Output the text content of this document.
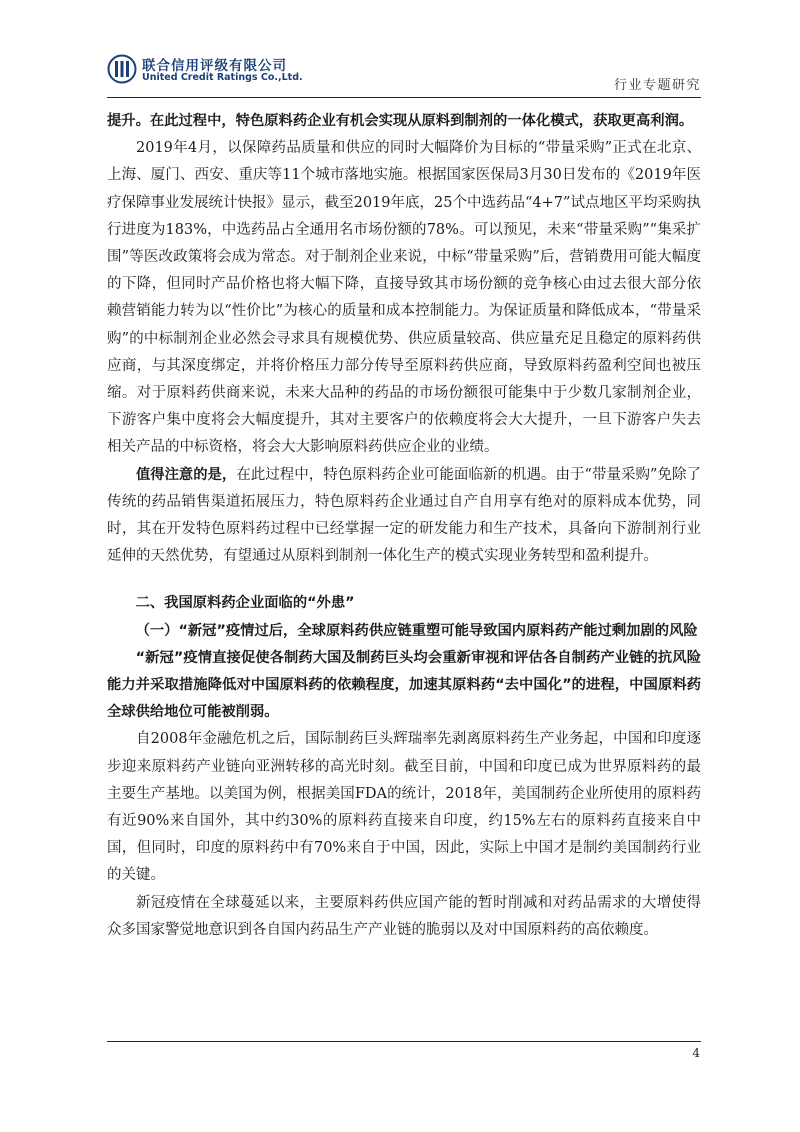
联合信用评级有限公司
United Credit Ratings Co.,Ltd.
行业专题研究

提升。在此过程中，特色原料药企业有机会实现从原料到制剂的一体化模式，获取更高利润。

2019年4月，以保障药品质量和供应的同时大幅降价为目标的“带量采购”正式在北京、上海、厦门、西安、重庆等11个城市落地实施。根据国家医保局3月30日发布的《2019年医疗保障事业发展统计快报》显示，截至2019年底，25个中选药品“4+7”试点地区平均采购执行进度为183%，中选药品占全通用名市场份额的78%。可以预见，未来“带量采购”“集采扩围”等医改政策将会成为常态。对于制剂企业来说，中标“带量采购”后，营销费用可能大幅度的下降，但同时产品价格也将大幅下降，直接导致其市场份额的竞争核心由过去很大部分依赖营销能力转为以“性价比”为核心的质量和成本控制能力。为保证质量和降低成本，“带量采购”的中标制剂企业必然会寻求具有规模优势、供应质量较高、供应量充足且稳定的原料药供应商，与其深度绑定，并将价格压力部分传导至原料药供应商，导致原料药盈利空间也被压缩。对于原料药供商来说，未来大品种的药品的市场份额很可能集中于少数几家制剂企业，下游客户集中度将会大幅度提升，其对主要客户的依赖度将会大大提升，一旦下游客户失去相关产品的中标资格，将会大大影响原料药供应企业的业绩。

值得注意的是，在此过程中，特色原料药企业可能面临新的机遇。由于“带量采购”免除了传统的药品销售渠道拓展压力，特色原料药企业通过自产自用享有绝对的原料成本优势，同时，其在开发特色原料药过程中已经掌握一定的研发能力和生产技术，具备向下游制剂行业延伸的天然优势，有望通过从原料到制剂一体化生产的模式实现业务转型和盈利提升。

二、我国原料药企业面临的“外患”

（一）“新冠”疫情过后，全球原料药供应链重塑可能导致国内原料药产能过剩加剧的风险

“新冠”疫情直接促使各制药大国及制药巨头均会重新审视和评估各自制药产业链的抗风险能力并采取措施降低对中国原料药的依赖程度，加速其原料药“去中国化”的进程，中国原料药全球供给地位可能被削弱。

自2008年金融危机之后，国际制药巨头辉瑞率先剥离原料药生产业务起，中国和印度逐步迎来原料药产业链向亚洲转移的高光时刻。截至目前，中国和印度已成为世界原料药的最主要生产基地。以美国为例，根据美国FDA的统计，2018年，美国制药企业所使用的原料药有近90%来自国外，其中约30%的原料药直接来自印度，约15%左右的原料药直接来自中国，但同时，印度的原料药中有70%来自于中国，因此，实际上中国才是制约美国制药行业的关键。

新冠疫情在全球蔓延以来，主要原料药供应国产能的暂时削减和对药品需求的大增使得众多国家警觉地意识到各自国内药品生产产业链的脆弱以及对中国原料药的高依赖度。

4
